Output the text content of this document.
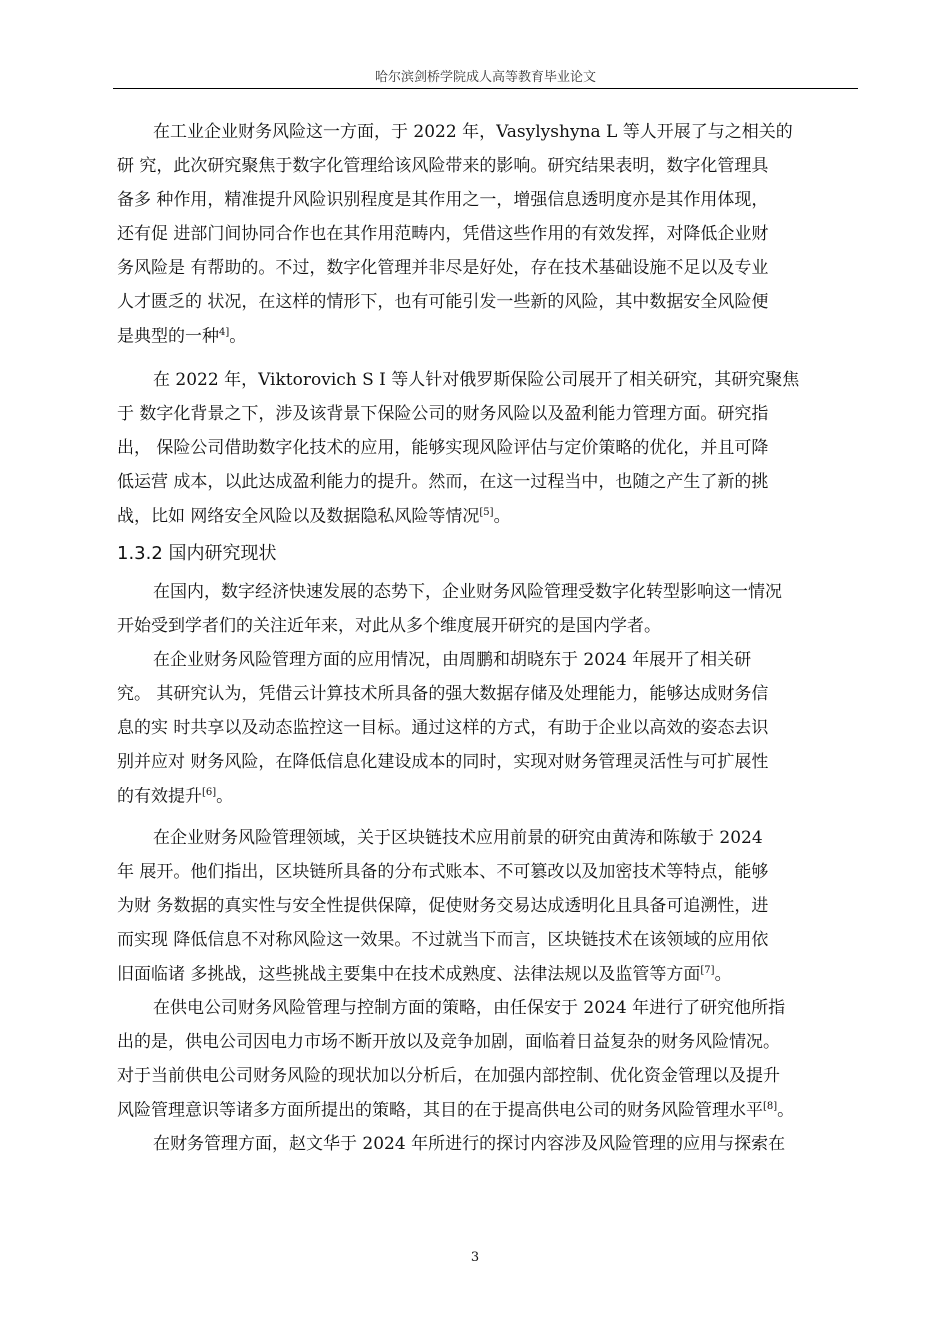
哈尔滨剑桥学院成人高等教育毕业论文
在工业企业财务风险这一方面，于 2022 年，Vasylyshyna L 等人开展了与之相关的
研 究，此次研究聚焦于数字化管理给该风险带来的影响。研究结果表明，数字化管理具
备多 种作用，精准提升风险识别程度是其作用之一，增强信息透明度亦是其作用体现，
还有促 进部门间协同合作也在其作用范畴内，凭借这些作用的有效发挥，对降低企业财
务风险是 有帮助的。不过，数字化管理并非尽是好处，存在技术基础设施不足以及专业
人才匮乏的 状况，在这样的情形下，也有可能引发一些新的风险，其中数据安全风险便
是典型的一种$^{4]}$。
在 2022 年，Viktorovich S I 等人针对俄罗斯保险公司展开了相关研究，其研究聚焦
于 数字化背景之下，涉及该背景下保险公司的财务风险以及盈利能力管理方面。研究指
出， 保险公司借助数字化技术的应用，能够实现风险评估与定价策略的优化，并且可降
低运营 成本，以此达成盈利能力的提升。然而，在这一过程当中，也随之产生了新的挑
战，比如 网络安全风险以及数据隐私风险等情况[5]。
在国内，数字经济快速发展的态势下，企业财务风险管理受数字化转型影响这一情况
开始受到学者们的关注近年来，对此从多个维度展开研究的是国内学者。
在企业财务风险管理方面的应用情况，由周鹏和胡晓东于 2024 年展开了相关研
究。 其研究认为，凭借云计算技术所具备的强大数据存储及处理能力，能够达成财务信
息的实 时共享以及动态监控这一目标。通过这样的方式，有助于企业以高效的姿态去识
别并应对 财务风险，在降低信息化建设成本的同时，实现对财务管理灵活性与可扩展性
的有效提升[6]。
在企业财务风险管理领域，关于区块链技术应用前景的研究由黄涛和陈敏于 2024
年 展开。他们指出，区块链所具备的分布式账本、不可篡改以及加密技术等特点，能够
为财 务数据的真实性与安全性提供保障，促使财务交易达成透明化且具备可追溯性，进
而实现 降低信息不对称风险这一效果。不过就当下而言，区块链技术在该领域的应用依
旧面临诸 多挑战，这些挑战主要集中在技术成熟度、法律法规以及监管等方面[7]。
在供电公司财务风险管理与控制方面的策略，由任保安于 2024 年进行了研究他所指
出的是，供电公司因电力市场不断开放以及竞争加剧，面临着日益复杂的财务风险情况。
对于当前供电公司财务风险的现状加以分析后，在加强内部控制、优化资金管理以及提升
风险管理意识等诸多方面所提出的策略，其目的在于提高供电公司的财务风险管理水平[8]。
在财务管理方面，赵文华于 2024 年所进行的探讨内容涉及风险管理的应用与探索在
1.3.2 国内研究现状
3
